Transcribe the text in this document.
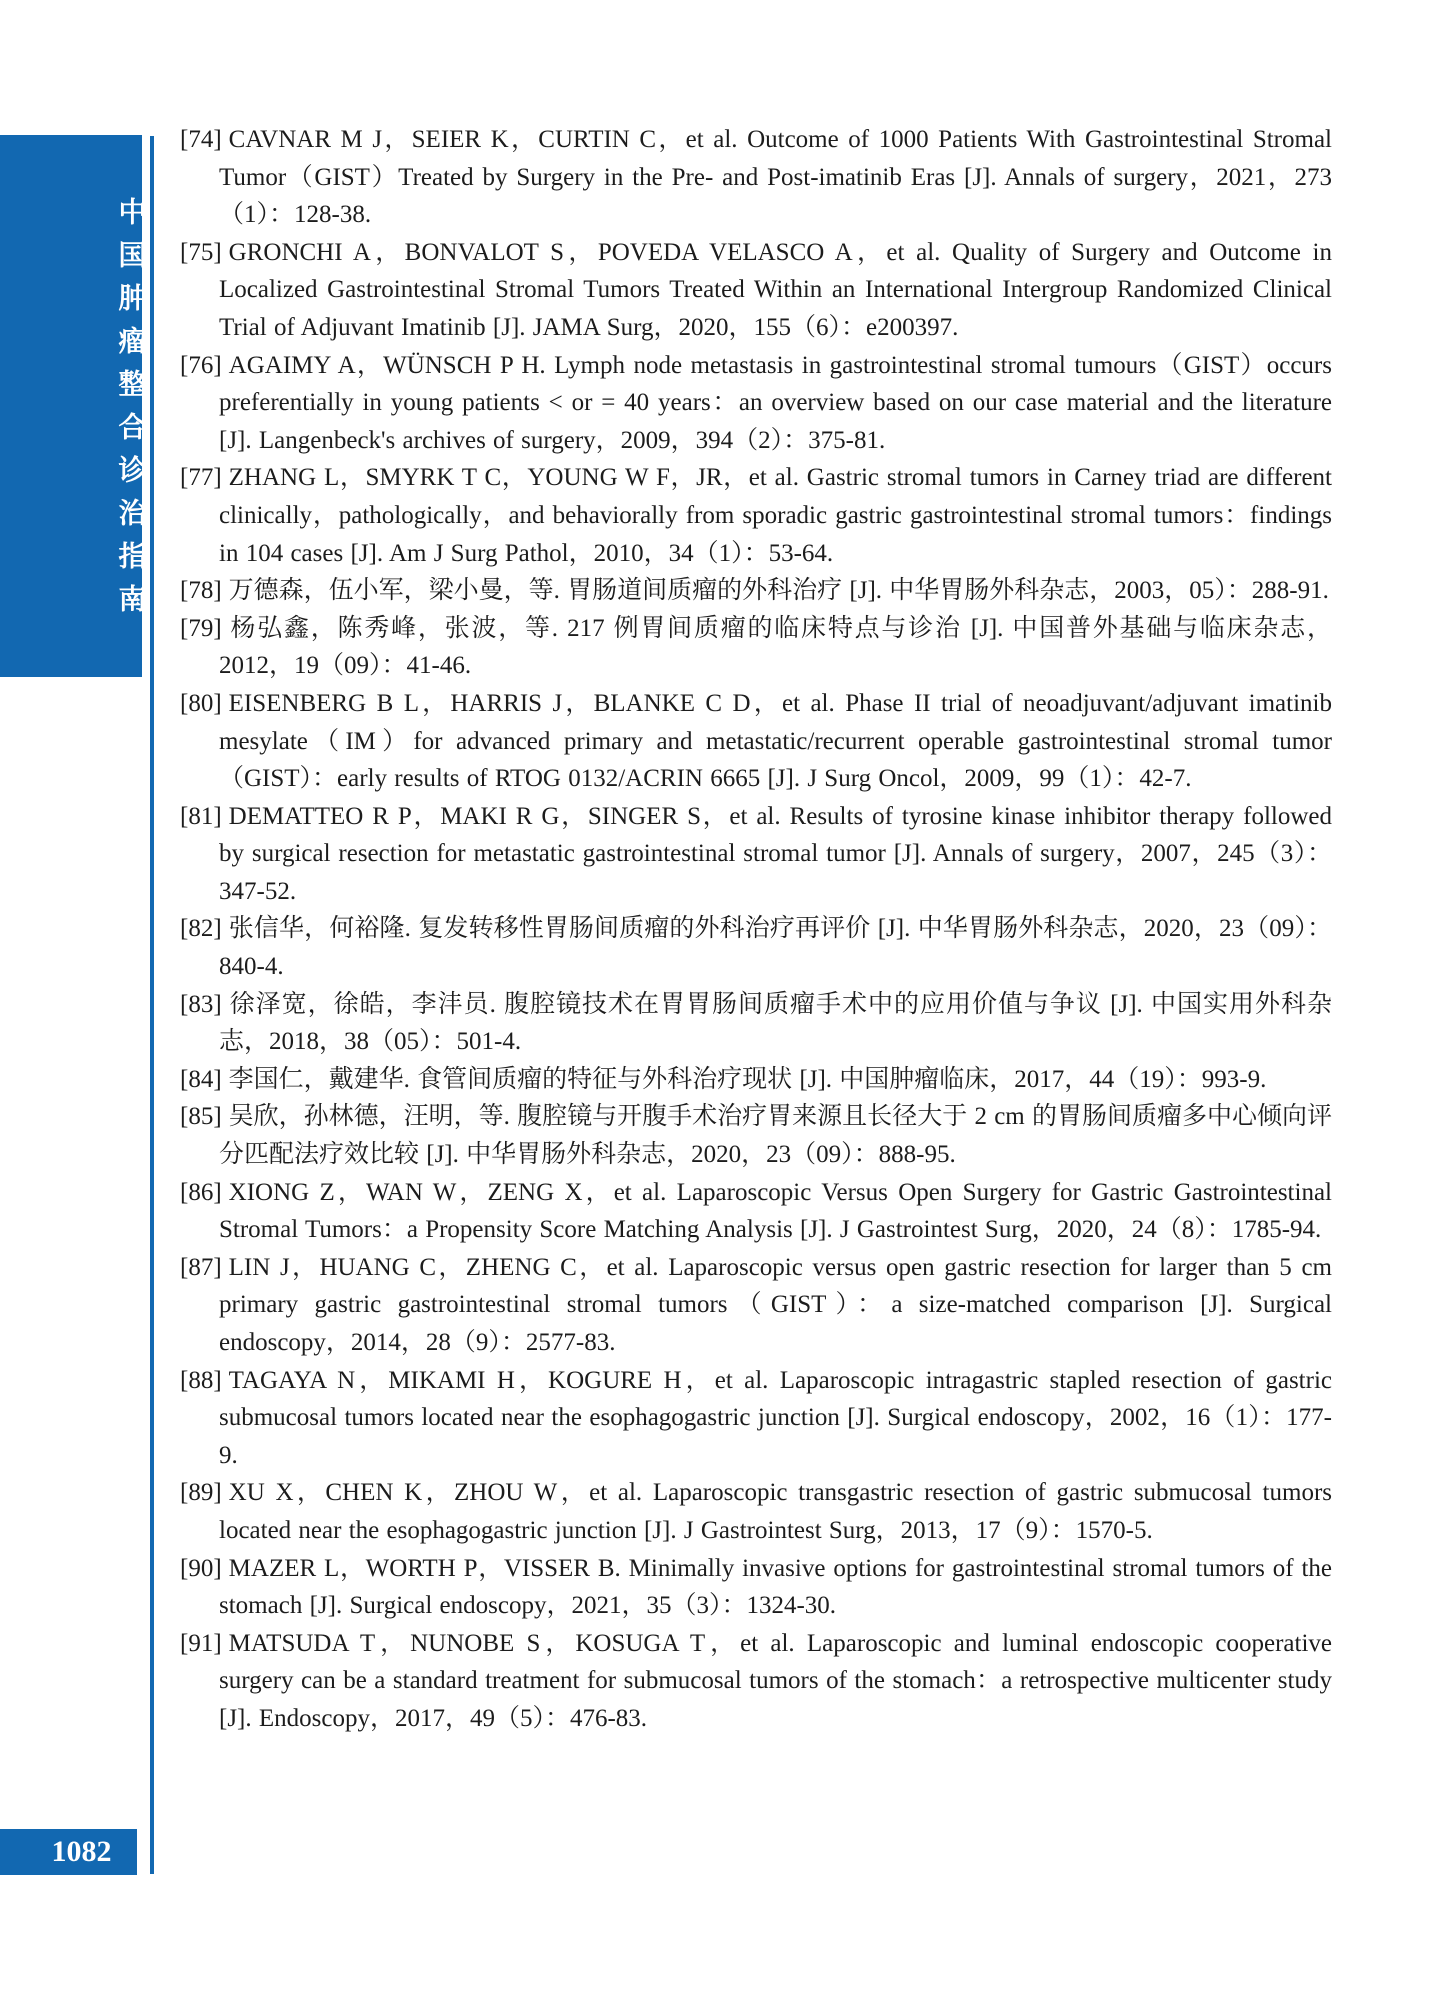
中国肿瘤整合诊治指南
[74] CAVNAR M J，SEIER K，CURTIN C，et al. Outcome of 1000 Patients With Gastrointestinal Stromal Tumor（GIST）Treated by Surgery in the Pre- and Post-imatinib Eras [J]. Annals of surgery，2021，273（1）：128-38.
[75] GRONCHI A，BONVALOT S，POVEDA VELASCO A，et al. Quality of Surgery and Outcome in Localized Gastrointestinal Stromal Tumors Treated Within an International Intergroup Randomized Clinical Trial of Adjuvant Imatinib [J]. JAMA Surg，2020，155（6）：e200397.
[76] AGAIMY A，WÜNSCH P H. Lymph node metastasis in gastrointestinal stromal tumours（GIST）occurs preferentially in young patients < or = 40 years：an overview based on our case material and the literature [J]. Langenbeck's archives of surgery，2009，394（2）：375-81.
[77] ZHANG L，SMYRK T C，YOUNG W F，JR，et al. Gastric stromal tumors in Carney triad are different clinically，pathologically，and behaviorally from sporadic gastric gastrointestinal stromal tumors：findings in 104 cases [J]. Am J Surg Pathol，2010，34（1）：53-64.
[78] 万德森，伍小军，梁小曼，等. 胃肠道间质瘤的外科治疗 [J]. 中华胃肠外科杂志，2003，05）：288-91.
[79] 杨弘鑫，陈秀峰，张波，等. 217 例胃间质瘤的临床特点与诊治 [J]. 中国普外基础与临床杂志，2012，19（09）：41-46.
[80] EISENBERG B L，HARRIS J，BLANKE C D，et al. Phase II trial of neoadjuvant/adjuvant imatinib mesylate（IM）for advanced primary and metastatic/recurrent operable gastrointestinal stromal tumor（GIST）：early results of RTOG 0132/ACRIN 6665 [J]. J Surg Oncol，2009，99（1）：42-7.
[81] DEMATTEO R P，MAKI R G，SINGER S，et al. Results of tyrosine kinase inhibitor therapy followed by surgical resection for metastatic gastrointestinal stromal tumor [J]. Annals of surgery，2007，245（3）：347-52.
[82] 张信华，何裕隆. 复发转移性胃肠间质瘤的外科治疗再评价 [J]. 中华胃肠外科杂志，2020，23（09）：840-4.
[83] 徐泽宽，徐皓，李沣员. 腹腔镜技术在胃胃肠间质瘤手术中的应用价值与争议 [J]. 中国实用外科杂志，2018，38（05）：501-4.
[84] 李国仁，戴建华. 食管间质瘤的特征与外科治疗现状 [J]. 中国肿瘤临床，2017，44（19）：993-9.
[85] 吴欣，孙林德，汪明，等. 腹腔镜与开腹手术治疗胃来源且长径大于 2 cm 的胃肠间质瘤多中心倾向评分匹配法疗效比较 [J]. 中华胃肠外科杂志，2020，23（09）：888-95.
[86] XIONG Z，WAN W，ZENG X，et al. Laparoscopic Versus Open Surgery for Gastric Gastrointestinal Stromal Tumors：a Propensity Score Matching Analysis [J]. J Gastrointest Surg，2020，24（8）：1785-94.
[87] LIN J，HUANG C，ZHENG C，et al. Laparoscopic versus open gastric resection for larger than 5 cm primary gastric gastrointestinal stromal tumors（GIST）：a size-matched comparison [J]. Surgical endoscopy，2014，28（9）：2577-83.
[88] TAGAYA N，MIKAMI H，KOGURE H，et al. Laparoscopic intragastric stapled resection of gastric submucosal tumors located near the esophagogastric junction [J]. Surgical endoscopy，2002，16（1）：177-9.
[89] XU X，CHEN K，ZHOU W，et al. Laparoscopic transgastric resection of gastric submucosal tumors located near the esophagogastric junction [J]. J Gastrointest Surg，2013，17（9）：1570-5.
[90] MAZER L，WORTH P，VISSER B. Minimally invasive options for gastrointestinal stromal tumors of the stomach [J]. Surgical endoscopy，2021，35（3）：1324-30.
[91] MATSUDA T，NUNOBE S，KOSUGA T，et al. Laparoscopic and luminal endoscopic cooperative surgery can be a standard treatment for submucosal tumors of the stomach：a retrospective multicenter study [J]. Endoscopy，2017，49（5）：476-83.
1082
